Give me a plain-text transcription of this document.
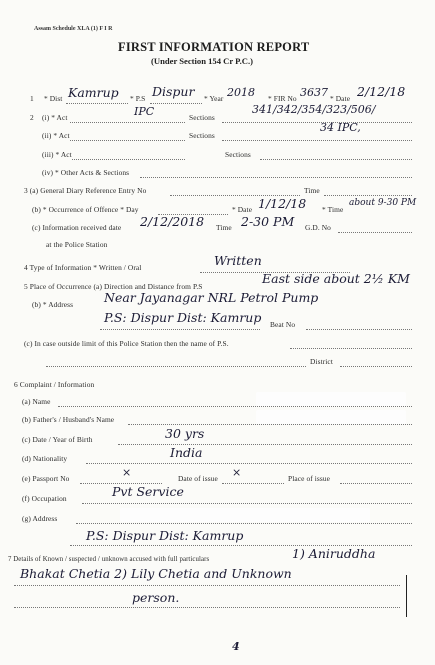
Assam Schedule XLA (1) F I R
FIRST INFORMATION REPORT
(Under Section 154 Cr P.C.)
1 * Dist Kamrup * P.S Dispur * Year 2018 * FIR No 3637 * Date 2/12/18
2 (i) * Act	IPC	Sections
341/342/354/323/506/
(ii) * Act	Sections
34 IPC,
(iii) * Act	Sections
(iv) * Other Acts & Sections
3 (a) General Diary Reference Entry No	Time
(b) * Occurrence of Offence * Day	* Date 1/12/18 * Time
about 9-30 PM
(c) Information received date 2/12/2018 Time 2-30 PM G.D. No
at the Police Station
4 Type of Information * Written / Oral	Written
5 Place of Occurrence (a) Direction and Distance from P.S
East side about 2½ KM
(b) * Address Near Jayanagar NRL Petrol Pump
P.S: Dispur Dist: Kamrup Beat No
(c) In case outside limit of this Police Station then the name of P.S.
District
6 Complaint / Information
(a) Name
(b) Father's / Husband's Name
(c) Date / Year of Birth	30 yrs
(d) Nationality	India
(e) Passport No	×	Date of issue ×	Place of issue
(f) Occupation	Pvt Service
(g) Address
P.S: Dispur Dist: Kamrup
7 Details of Known / suspected / unknown accused with full particulars	1) Aniruddha
Bhakat Chetia 2) Lily Chetia and Unknown
person.
4
